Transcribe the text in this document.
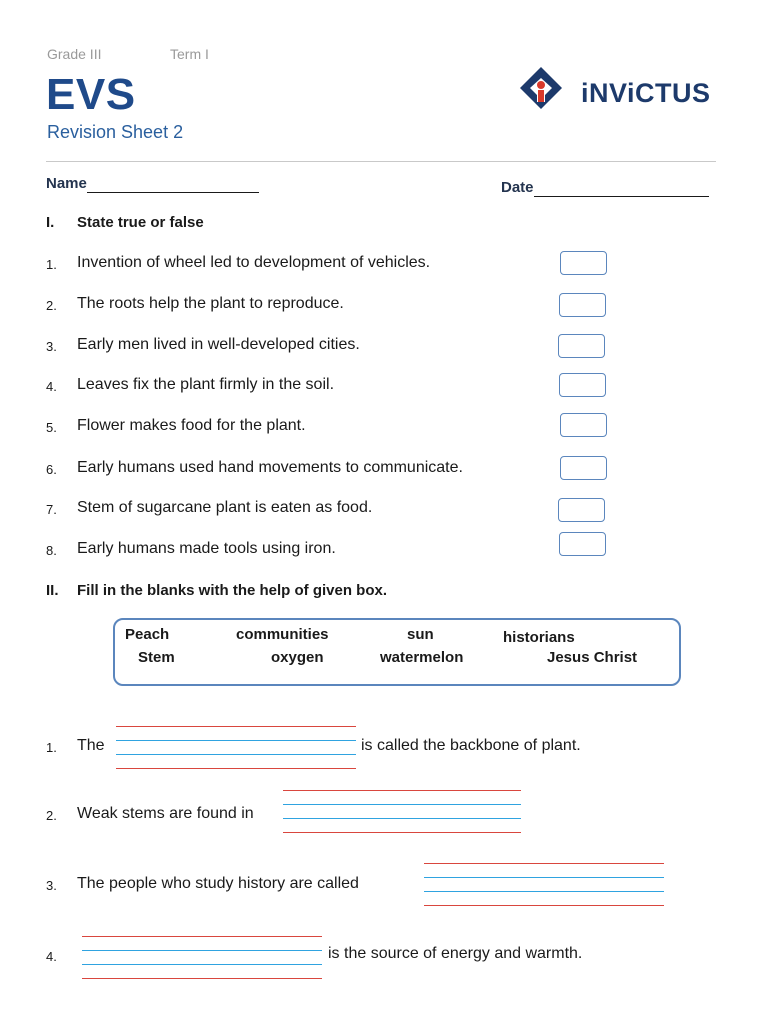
Grade III	Term I
EVS
Revision Sheet 2
iNViCTUS
Name	Date
I. State true or false
1. Invention of wheel led to development of vehicles.
2. The roots help the plant to reproduce.
3. Early men lived in well-developed cities.
4. Leaves fix the plant firmly in the soil.
5. Flower makes food for the plant.
6. Early humans used hand movements to communicate.
7. Stem of sugarcane plant is eaten as food.
8. Early humans made tools using iron.
II. Fill in the blanks with the help of given box.
Peach	communities	sun	historians
Stem	oxygen	watermelon	Jesus Christ
1. The	is called the backbone of plant.
2. Weak stems are found in
3. The people who study history are called
4.	is the source of energy and warmth.
